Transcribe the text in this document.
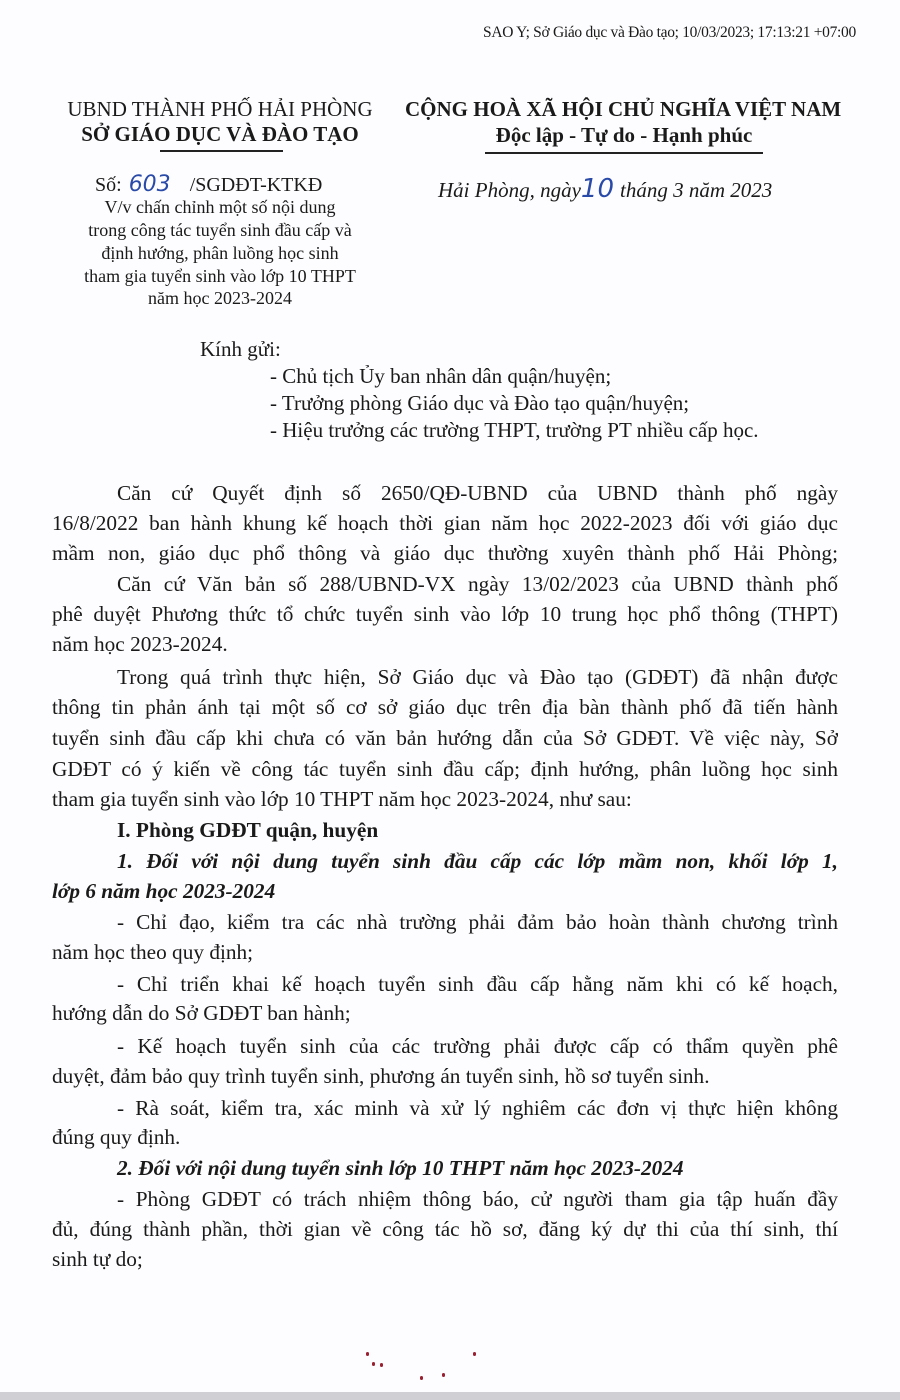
SAO Y; Sở Giáo dục và Đào tạo; 10/03/2023; 17:13:21 +07:00
UBND THÀNH PHỐ HẢI PHÒNG
SỞ GIÁO DỤC VÀ ĐÀO TẠO
CỘNG HOÀ XÃ HỘI CHỦ NGHĨA VIỆT NAM
Độc lập - Tự do - Hạnh phúc
Số: 603 /SGDĐT-KTKĐ
V/v chấn chỉnh một số nội dung
trong công tác tuyển sinh đầu cấp và
định hướng, phân luồng học sinh
tham gia tuyển sinh vào lớp 10 THPT
năm học 2023-2024
Hải Phòng, ngày10 tháng 3 năm 2023
Kính gửi:
- Chủ tịch Ủy ban nhân dân quận/huyện;
- Trưởng phòng Giáo dục và Đào tạo quận/huyện;
- Hiệu trưởng các trường THPT, trường PT nhiều cấp học.
Căn cứ Quyết định số 2650/QĐ-UBND của UBND thành phố ngày
16/8/2022 ban hành khung kế hoạch thời gian năm học 2022-2023 đối với giáo dục
mầm non, giáo dục phổ thông và giáo dục thường xuyên thành phố Hải Phòng;
Căn cứ Văn bản số 288/UBND-VX ngày 13/02/2023 của UBND thành phố
phê duyệt Phương thức tổ chức tuyển sinh vào lớp 10 trung học phổ thông (THPT)
năm học 2023-2024.
Trong quá trình thực hiện, Sở Giáo dục và Đào tạo (GDĐT) đã nhận được
thông tin phản ánh tại một số cơ sở giáo dục trên địa bàn thành phố đã tiến hành
tuyển sinh đầu cấp khi chưa có văn bản hướng dẫn của Sở GDĐT. Về việc này, Sở
GDĐT có ý kiến về công tác tuyển sinh đầu cấp; định hướng, phân luồng học sinh
tham gia tuyển sinh vào lớp 10 THPT năm học 2023-2024, như sau:
I. Phòng GDĐT quận, huyện
1. Đối với nội dung tuyển sinh đầu cấp các lớp mầm non, khối lớp 1,
lớp 6 năm học 2023-2024
- Chỉ đạo, kiểm tra các nhà trường phải đảm bảo hoàn thành chương trình
năm học theo quy định;
- Chỉ triển khai kế hoạch tuyển sinh đầu cấp hằng năm khi có kế hoạch,
hướng dẫn do Sở GDĐT ban hành;
- Kế hoạch tuyển sinh của các trường phải được cấp có thẩm quyền phê
duyệt, đảm bảo quy trình tuyển sinh, phương án tuyển sinh, hồ sơ tuyển sinh.
- Rà soát, kiểm tra, xác minh và xử lý nghiêm các đơn vị thực hiện không
đúng quy định.
2. Đối với nội dung tuyển sinh lớp 10 THPT năm học 2023-2024
- Phòng GDĐT có trách nhiệm thông báo, cử người tham gia tập huấn đầy
đủ, đúng thành phần, thời gian về công tác hồ sơ, đăng ký dự thi của thí sinh, thí
sinh tự do;
